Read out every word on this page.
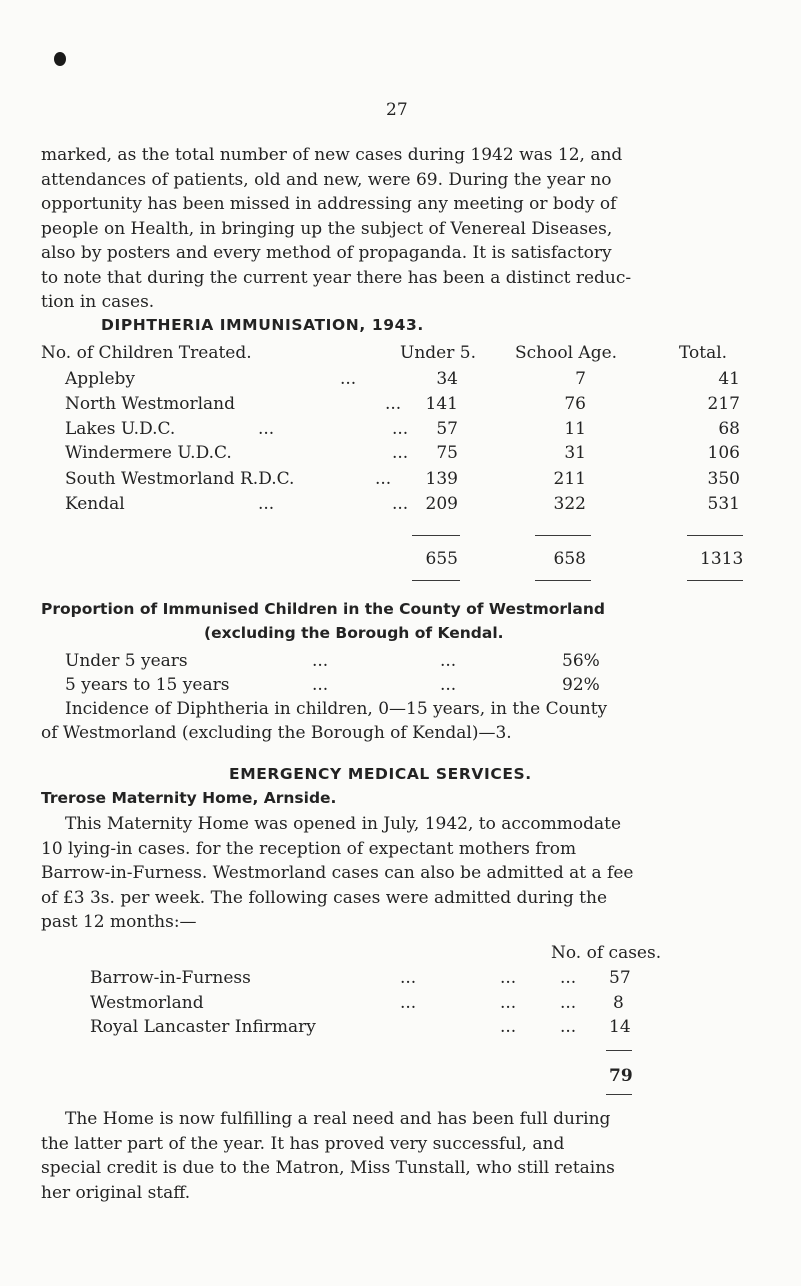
27
marked, as the total number of new cases during 1942 was 12, and
attendances of patients, old and new, were 69. During the year no
opportunity has been missed in addressing any meeting or body of
people on Health, in bringing up the subject of Venereal Diseases,
also by posters and every method of propaganda. It is satisfactory
to note that during the current year there has been a distinct reduc-
tion in cases.
DIPHTHERIA IMMUNISATION, 1943.
No. of Children Treated.	Under 5. School Age.	Total.
Appleby	...	34	7	41
North Westmorland	...	141	76	217
Lakes U.D.C.	...	...	57	11	68
Windermere U.D.C.	...	75	31	106
South Westmorland R.D.C.	...	139	211	350
Kendal	...	...	209	322	531
655	658	1313
Proportion of Immunised Children in the County of Westmorland
(excluding the Borough of Kendal.
Under 5 years	...	...	56%
5 years to 15 years	...	...	92%
Incidence of Diphtheria in children, 0—15 years, in the County
of Westmorland (excluding the Borough of Kendal)—3.
EMERGENCY MEDICAL SERVICES.
Trerose Maternity Home, Arnside.
This Maternity Home was opened in July, 1942, to accommodate
10 lying-in cases. for the reception of expectant mothers from
Barrow-in-Furness. Westmorland cases can also be admitted at a fee
of £3 3s. per week. The following cases were admitted during the
past 12 months:—
No. of cases.
Barrow-in-Furness	...	...	... 57
Westmorland	...	...	... 8
Royal Lancaster Infirmary	...	... 14
79
The Home is now fulfilling a real need and has been full during
the latter part of the year. It has proved very successful, and
special credit is due to the Matron, Miss Tunstall, who still retains
her original staff.
